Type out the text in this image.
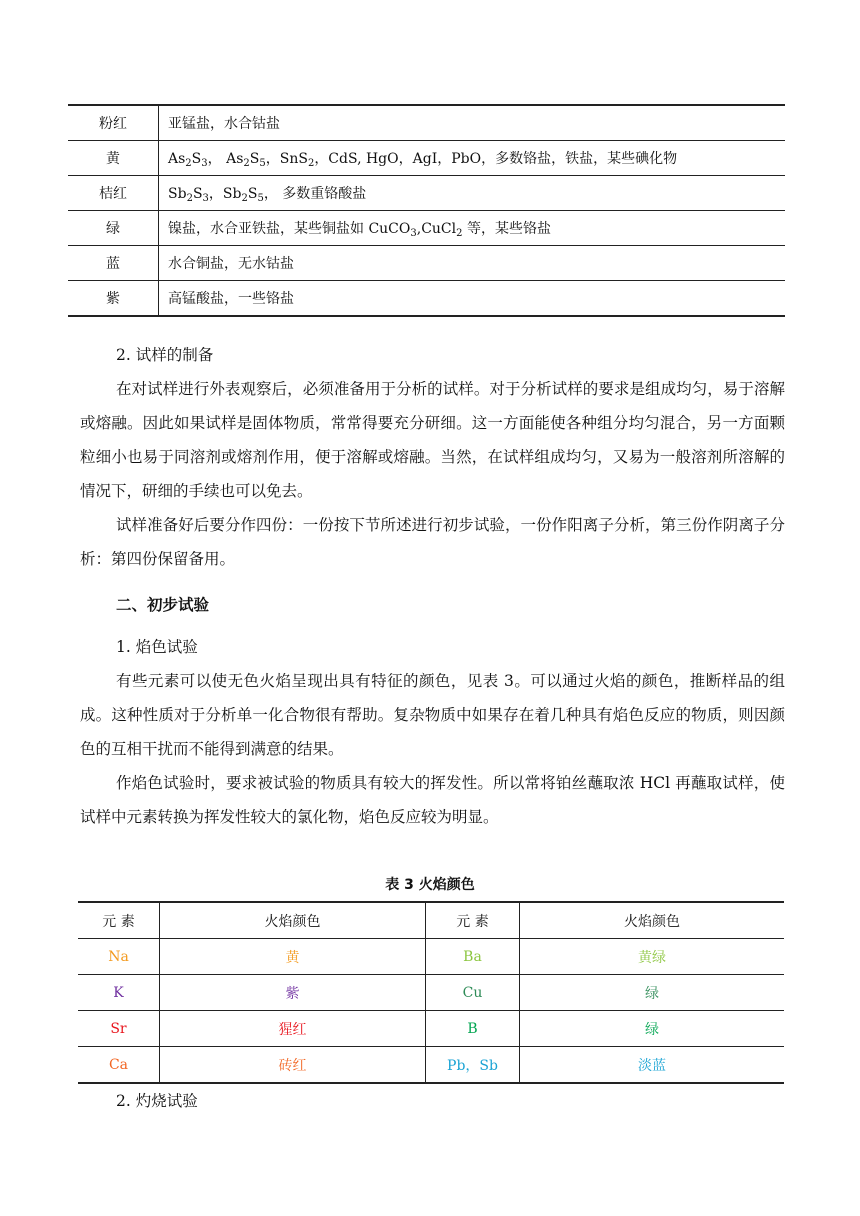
粉红	亚锰盐，水合钴盐
黄	$As_2S_3$， $As_2S_5$，SnS$_2$，CdS, HgO，AgI，PbO，多数铬盐，铁盐，某些碘化物
桔红	$Sb_2S_3$，$Sb_2S_5$， 多数重铬酸盐
绿	镍盐，水合亚铁盐，某些铜盐如 CuCO$_3$,CuCl$_2$ 等，某些铬盐
蓝	水合铜盐，无水钴盐
紫	高锰酸盐，一些铬盐
2. 试样的制备
在对试样进行外表观察后，必须准备用于分析的试样。对于分析试样的要求是组成均匀，易于溶解或熔融。因此如果试样是固体物质，常常得要充分研细。这一方面能使各种组分均匀混合，另一方面颗粒细小也易于同溶剂或熔剂作用，便于溶解或熔融。当然，在试样组成均匀，又易为一般溶剂所溶解的情况下，研细的手续也可以免去。
试样准备好后要分作四份：一份按下节所述进行初步试验，一份作阳离子分析，第三份作阴离子分析：第四份保留备用。
二、初步试验
1. 焰色试验
有些元素可以使无色火焰呈现出具有特征的颜色，见表 3。可以通过火焰的颜色，推断样品的组成。这种性质对于分析单一化合物很有帮助。复杂物质中如果存在着几种具有焰色反应的物质，则因颜色的互相干扰而不能得到满意的结果。
作焰色试验时，要求被试验的物质具有较大的挥发性。所以常将铂丝蘸取浓 HCl 再蘸取试样，使试样中元素转换为挥发性较大的氯化物，焰色反应较为明显。
表 3 火焰颜色
元 素	火焰颜色	元 素	火焰颜色
Na	黄	Ba	黄绿
K	紫	Cu	绿
Sr	猩红	B	绿
Ca	砖红	Pb，Sb	淡蓝
2. 灼烧试验
